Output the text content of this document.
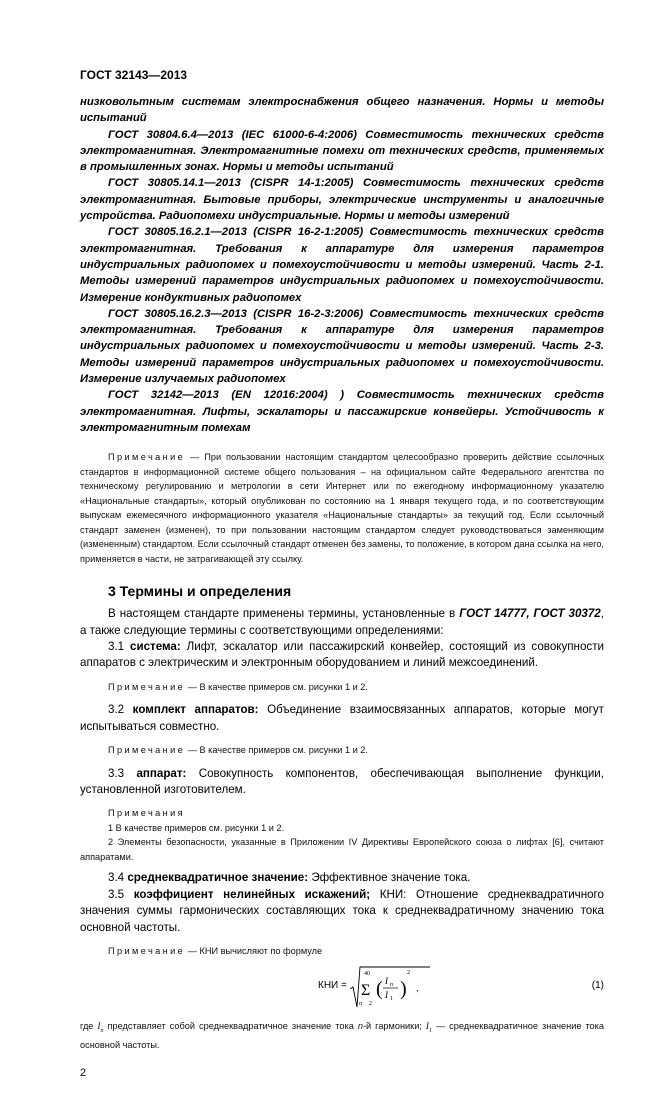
ГОСТ 32143—2013

низковольтным системам электроснабжения общего назначения. Нормы и методы испытаний

ГОСТ 30804.6.4—2013 (IEC 61000-6-4:2006) Совместимость технических средств электромагнитная. Электромагнитные помехи от технических средств, применяемых в промышленных зонах. Нормы и методы испытаний

ГОСТ 30805.14.1—2013 (CISPR 14-1:2005) Совместимость технических средств электромагнитная. Бытовые приборы, электрические инструменты и аналогичные устройства. Радиопомехи индустриальные. Нормы и методы измерений

ГОСТ 30805.16.2.1—2013 (CISPR 16-2-1:2005) Совместимость технических средств электромагнитная. Требования к аппаратуре для измерения параметров индустриальных радиопомех и помехоустойчивости и методы измерений. Часть 2-1. Методы измерений параметров индустриальных радиопомех и помехоустойчивости. Измерение кондуктивных радиопомех

ГОСТ 30805.16.2.3—2013 (CISPR 16-2-3:2006) Совместимость технических средств электромагнитная. Требования к аппаратуре для измерения параметров индустриальных радиопомех и помехоустойчивости и методы измерений. Часть 2-3. Методы измерений параметров индустриальных радиопомех и помехоустойчивости. Измерение излучаемых радиопомех

ГОСТ 32142—2013 (EN 12016:2004) ) Совместимость технических средств электромагнитная. Лифты, эскалаторы и пассажирские конвейеры. Устойчивость к электромагнитным помехам

Примечание — При пользовании настоящим стандартом целесообразно проверить действие ссылочных стандартов в информационной системе общего пользования – на официальном сайте Федерального агентства по техническому регулированию и метрологии в сети Интернет или по ежегодному информационному указателю «Национальные стандарты», который опубликован по состоянию на 1 января текущего года, и по соответствующим выпускам ежемесячного информационного указателя «Национальные стандарты» за текущий год. Если ссылочный стандарт заменен (изменен), то при пользовании настоящим стандартом следует руководствоваться заменяющим (измененным) стандартом. Если ссылочный стандарт отменен без замены, то положение, в котором дана ссылка на него, применяется в части, не затрагивающей эту ссылку.

3 Термины и определения

В настоящем стандарте применены термины, установленные в ГОСТ 14777, ГОСТ 30372, а также следующие термины с соответствующими определениями:

3.1 система: Лифт, эскалатор или пассажирский конвейер, состоящий из совокупности аппаратов с электрическим и электронным оборудованием и линий межсоединений.

Примечание — В качестве примеров см. рисунки 1 и 2.

3.2 комплект аппаратов: Объединение взаимосвязанных аппаратов, которые могут испытываться совместно.

Примечание — В качестве примеров см. рисунки 1 и 2.

3.3 аппарат: Совокупность компонентов, обеспечивающая выполнение функции, установленной изготовителем.

Примечания

1 В качестве примеров см. рисунки 1 и 2.

2 Элементы безопасности, указанные в Приложении IV Директивы Европейского союза о лифтах [6], считают аппаратами.

3.4 среднеквадратичное значение: Эффективное значение тока.

3.5 коэффициент нелинейных искажений; КНИ: Отношение среднеквадратичного значения суммы гармонических составляющих тока к среднеквадратичному значению тока основной частоты.

Примечание — КНИ вычисляют по формуле

КНИ =
40
Σ
n 2
( I n
I 1 )
2
,	(1)

где $I_n$ представляет собой среднеквадратичное значение тока n-й гармоники; $I_1$ — среднеквадратичное значение тока основной частоты.

2
